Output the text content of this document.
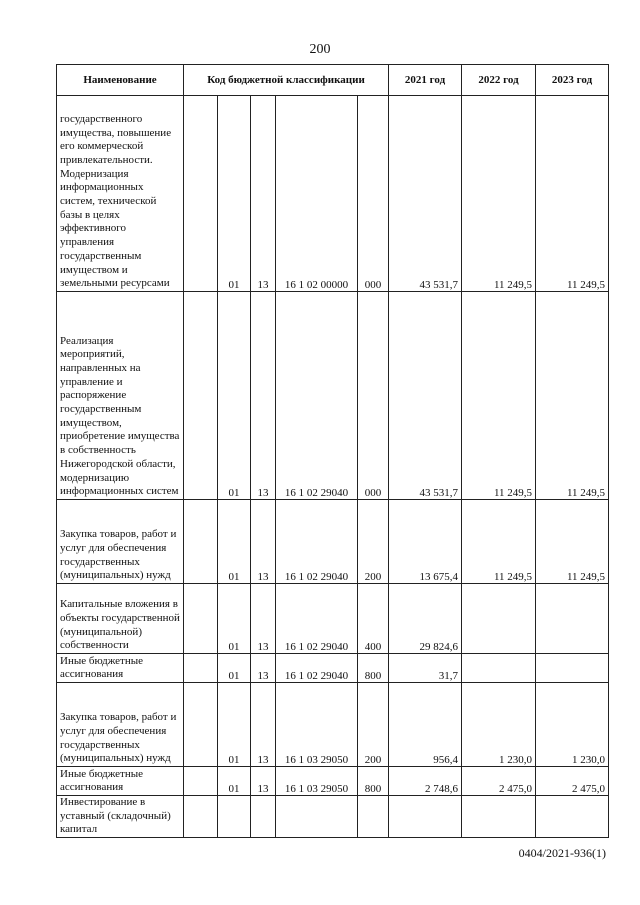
200
Наименование	Код бюджетной классификации					2021 год	2022 год	2023 год
государственного имущества, повышение его коммерческой привлекательности. Модернизация информационных систем, технической базы в целях эффективного управления государственным имуществом и земельными ресурсами		01	13	16 1 02 00000	000	43 531,7	11 249,5	11 249,5
Реализация мероприятий, направленных на управление и распоряжение государственным имуществом, приобретение имущества в собственность Нижегородской области, модернизацию информационных систем		01	13	16 1 02 29040	000	43 531,7	11 249,5	11 249,5
Закупка товаров, работ и услуг для обеспечения государственных (муниципальных) нужд		01	13	16 1 02 29040	200	13 675,4	11 249,5	11 249,5
Капитальные вложения в объекты государственной (муниципальной) собственности		01	13	16 1 02 29040	400	29 824,6		
Иные бюджетные ассигнования		01	13	16 1 02 29040	800	31,7		
Закупка товаров, работ и услуг для обеспечения государственных (муниципальных) нужд		01	13	16 1 03 29050	200	956,4	1 230,0	1 230,0
Иные бюджетные ассигнования		01	13	16 1 03 29050	800	2 748,6	2 475,0	2 475,0
Инвестирование в уставный (складочный) капитал								
0404/2021-936(1)
